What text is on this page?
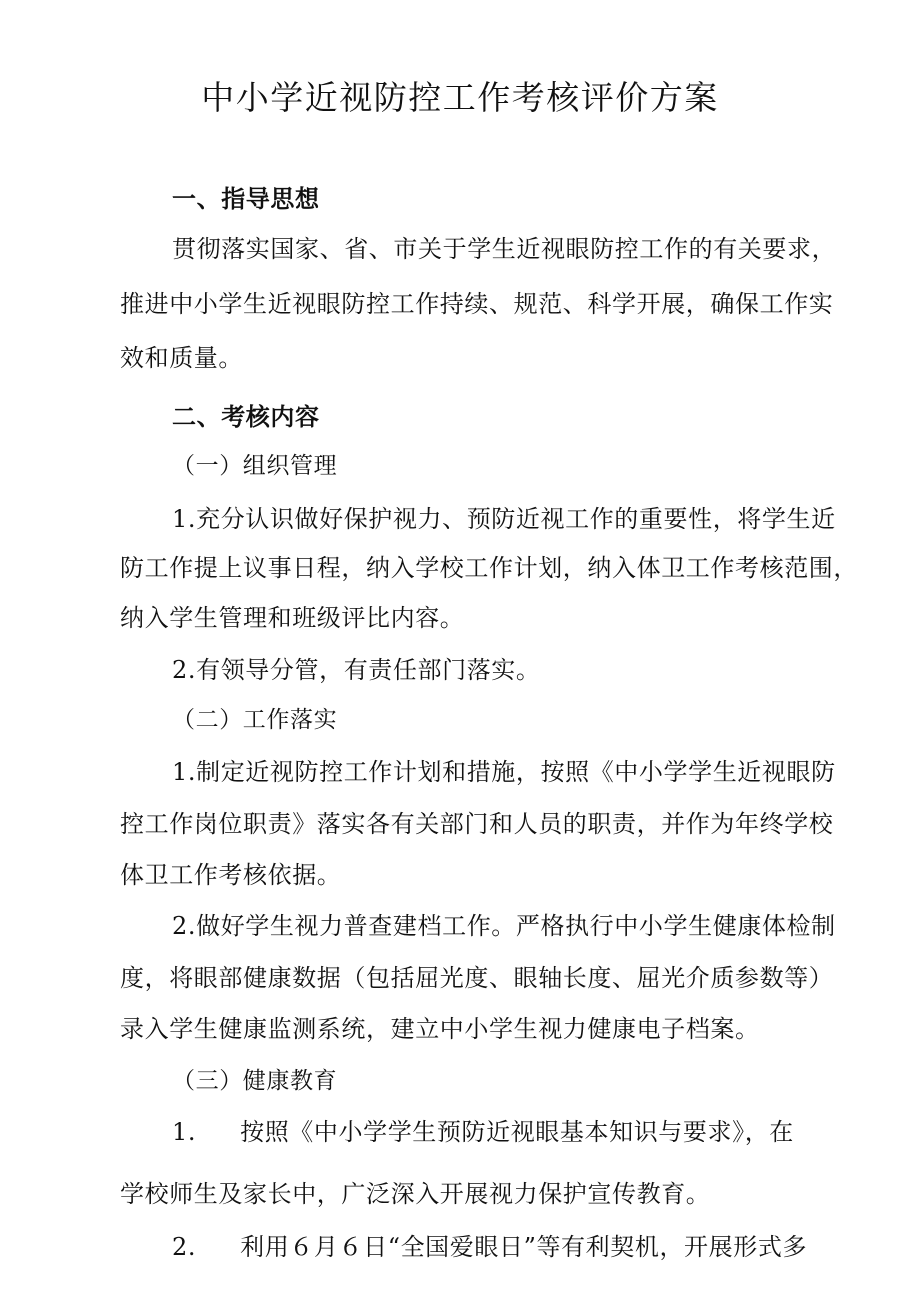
中小学近视防控工作考核评价方案
一、指导思想
贯彻落实国家、省、市关于学生近视眼防控工作的有关要求，
推进中小学生近视眼防控工作持续、规范、科学开展，确保工作实
效和质量。
二、考核内容
（一）组织管理
1.充分认识做好保护视力、预防近视工作的重要性，将学生近
防工作提上议事日程，纳入学校工作计划，纳入体卫工作考核范围，
纳入学生管理和班级评比内容。
2.有领导分管，有责任部门落实。
（二）工作落实
1.制定近视防控工作计划和措施，按照《中小学学生近视眼防
控工作岗位职责》落实各有关部门和人员的职责，并作为年终学校
体卫工作考核依据。
2.做好学生视力普查建档工作。严格执行中小学生健康体检制
度，将眼部健康数据（包括屈光度、眼轴长度、屈光介质参数等）
录入学生健康监测系统，建立中小学生视力健康电子档案。
（三）健康教育
1. 按照《中小学学生预防近视眼基本知识与要求》，在
学校师生及家长中，广泛深入开展视力保护宣传教育。
2. 利用６月６日“全国爱眼日”等有利契机，开展形式多
